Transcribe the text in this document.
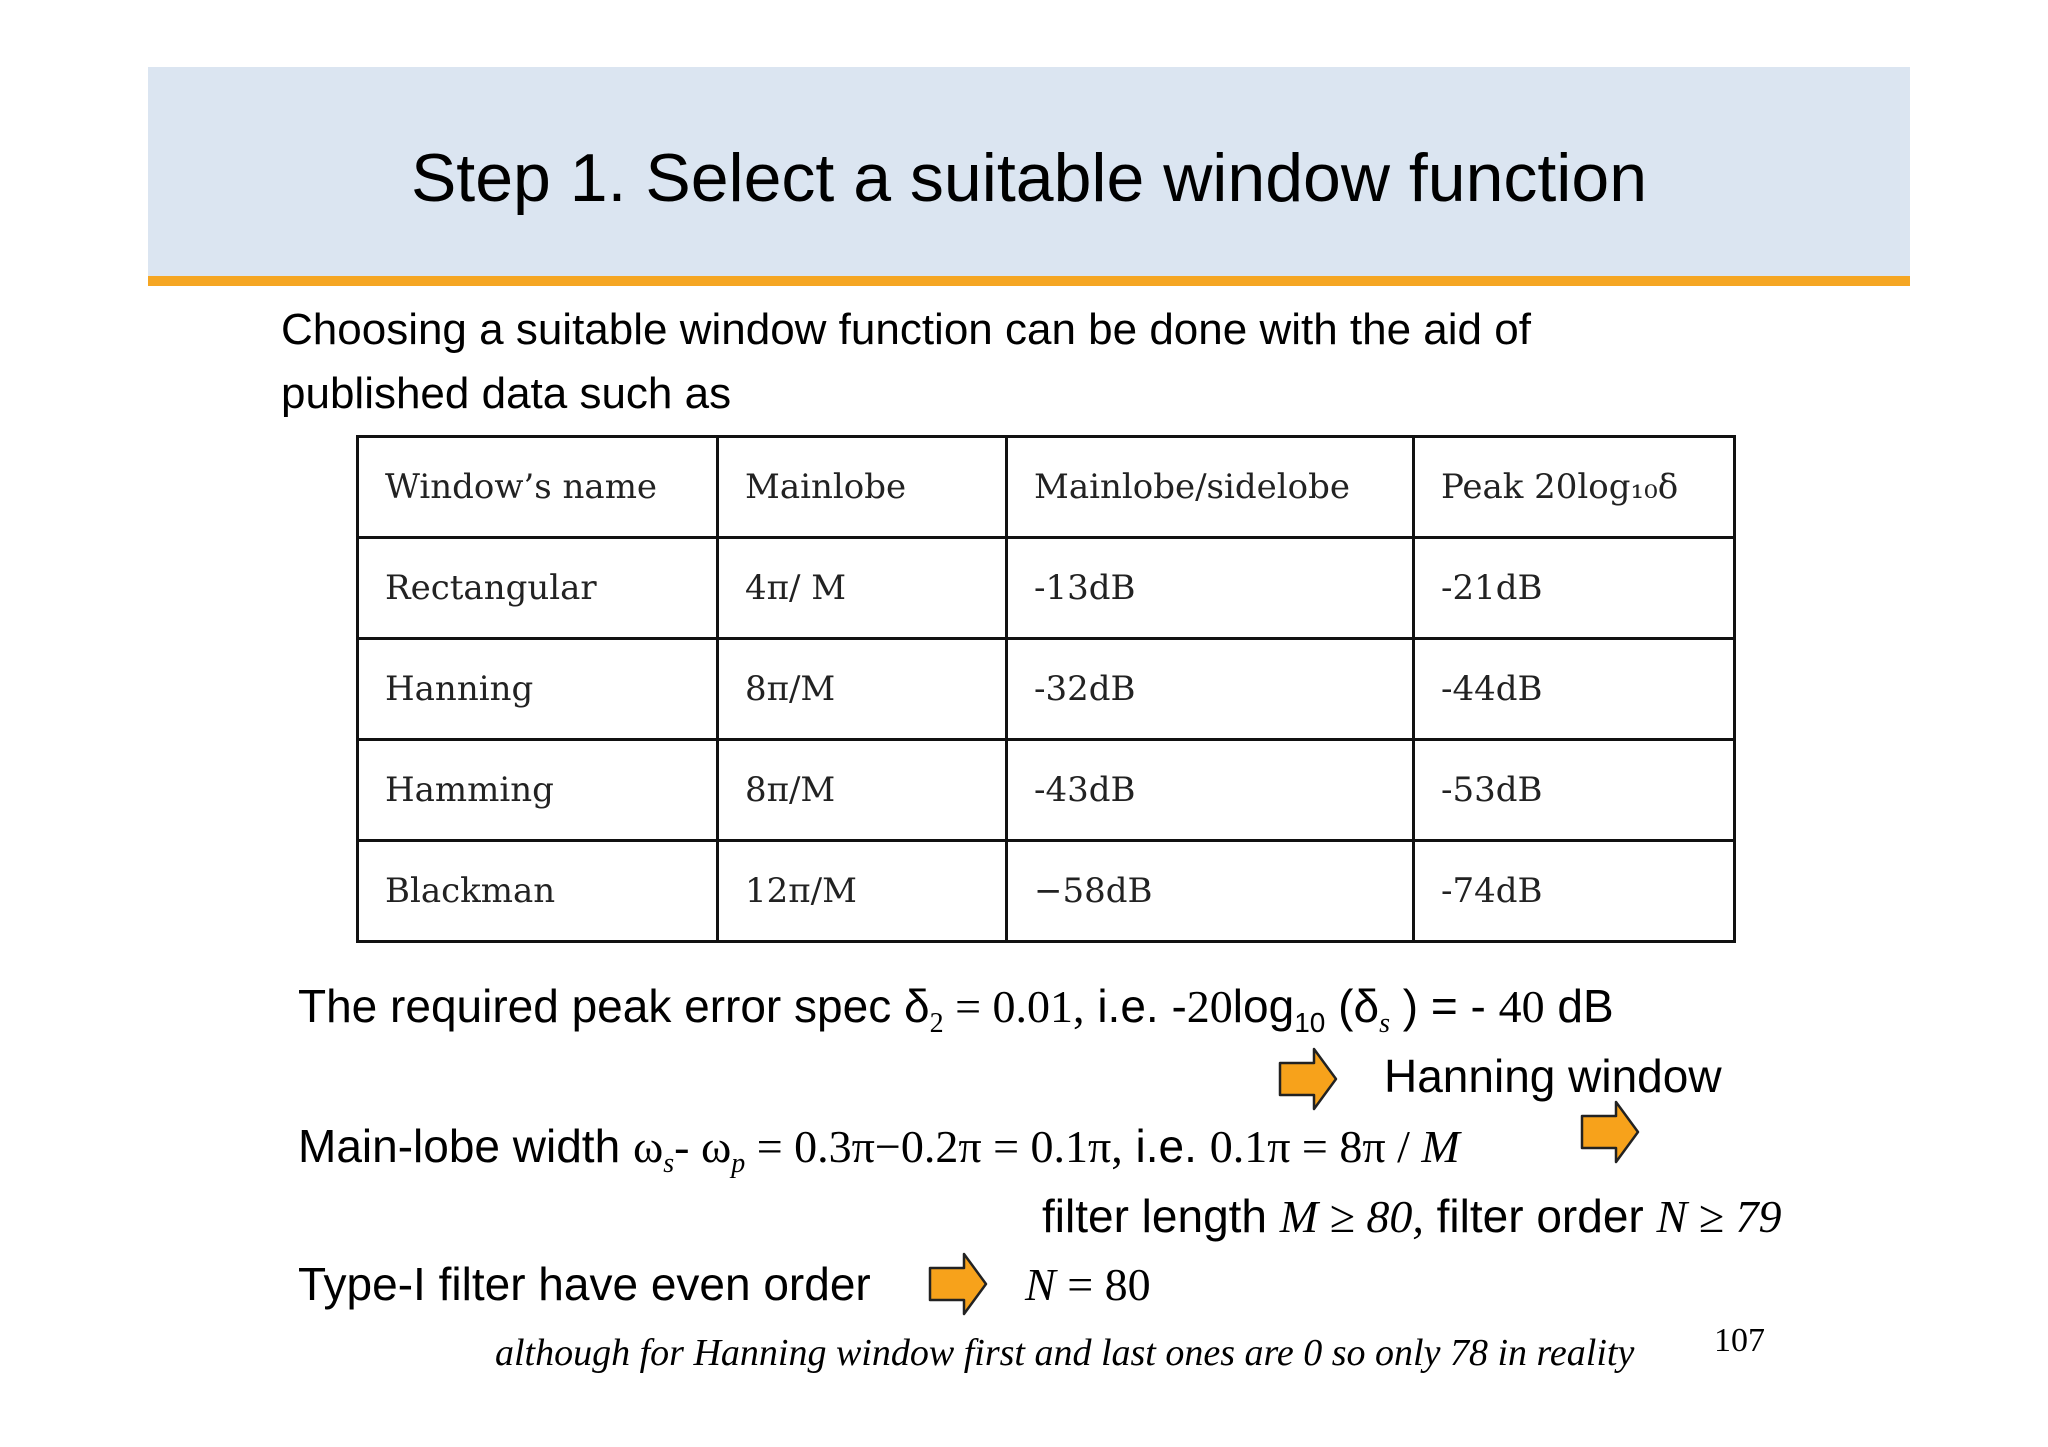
Step 1. Select a suitable window function
Choosing a suitable window function can be done with the aid of
published data such as
Window’s name	Mainlobe	Mainlobe/sidelobe	Peak 20log₁₀δ
Rectangular	4π/ M	-13dB	-21dB
Hanning	8π/M	-32dB	-44dB
Hamming	8π/M	-43dB	-53dB
Blackman	12π/M	−58dB	-74dB
The required peak error spec $\delta_2 = 0.01$, i.e. $-20\log_{10}$ ($\delta_s$ ) = - 40 dB
Hanning window
Main-lobe width $\omega_s-$ $\omega_p = 0.3\pi-0.2\pi = 0.1\pi$, i.e. 0.1π = 8π / M
filter length M ≥ 80, filter order N ≥ 79
Type-I filter have even order	N = 80
although for Hanning window first and last ones are 0 so only 78 in reality 107
